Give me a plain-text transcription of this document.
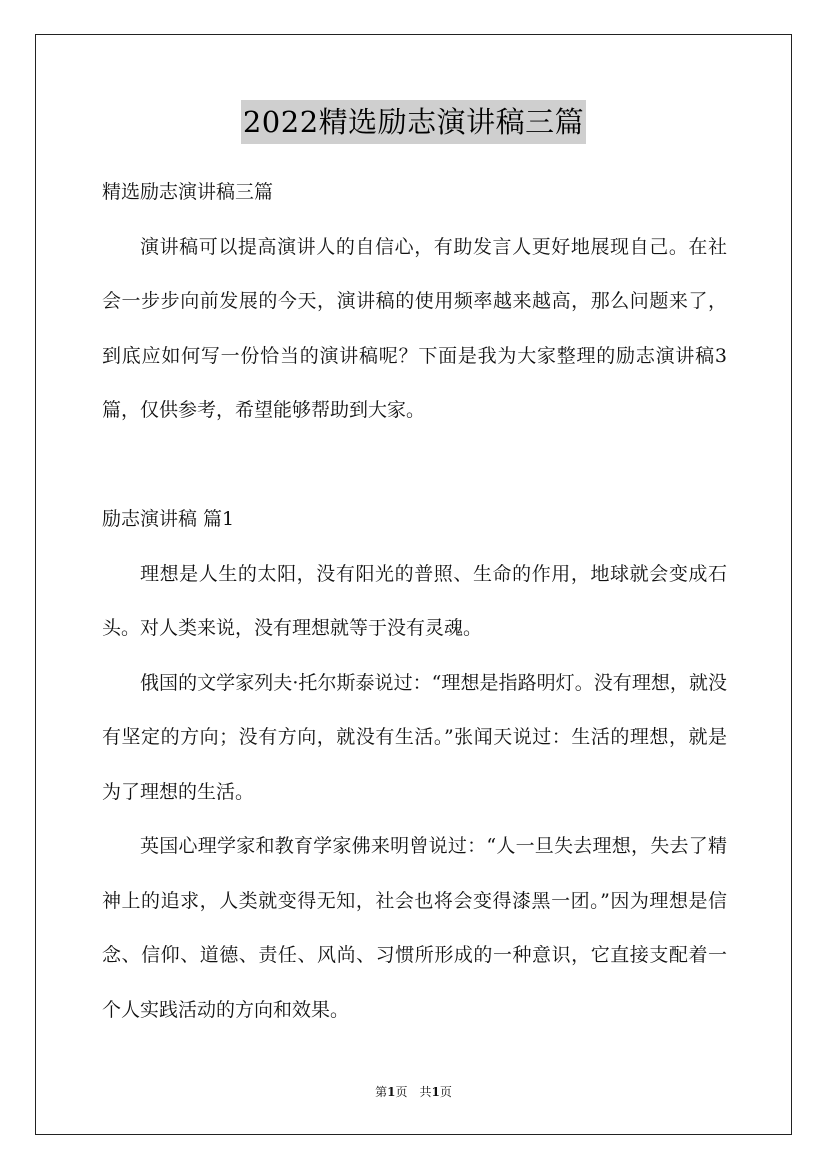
2022精选励志演讲稿三篇

精选励志演讲稿三篇

演讲稿可以提高演讲人的自信心，有助发言人更好地展现自己。在社会一步步向前发展的今天，演讲稿的使用频率越来越高，那么问题来了，到底应如何写一份恰当的演讲稿呢？下面是我为大家整理的励志演讲稿3篇，仅供参考，希望能够帮助到大家。

励志演讲稿 篇1

理想是人生的太阳，没有阳光的普照、生命的作用，地球就会变成石头。对人类来说，没有理想就等于没有灵魂。

俄国的文学家列夫·托尔斯泰说过：“理想是指路明灯。没有理想，就没有坚定的方向；没有方向，就没有生活。”张闻天说过：生活的理想，就是为了理想的生活。

英国心理学家和教育学家佛来明曾说过：“人一旦失去理想，失去了精神上的追求，人类就变得无知，社会也将会变得漆黑一团。”因为理想是信念、信仰、道德、责任、风尚、习惯所形成的一种意识，它直接支配着一个人实践活动的方向和效果。

第1页　共1页
